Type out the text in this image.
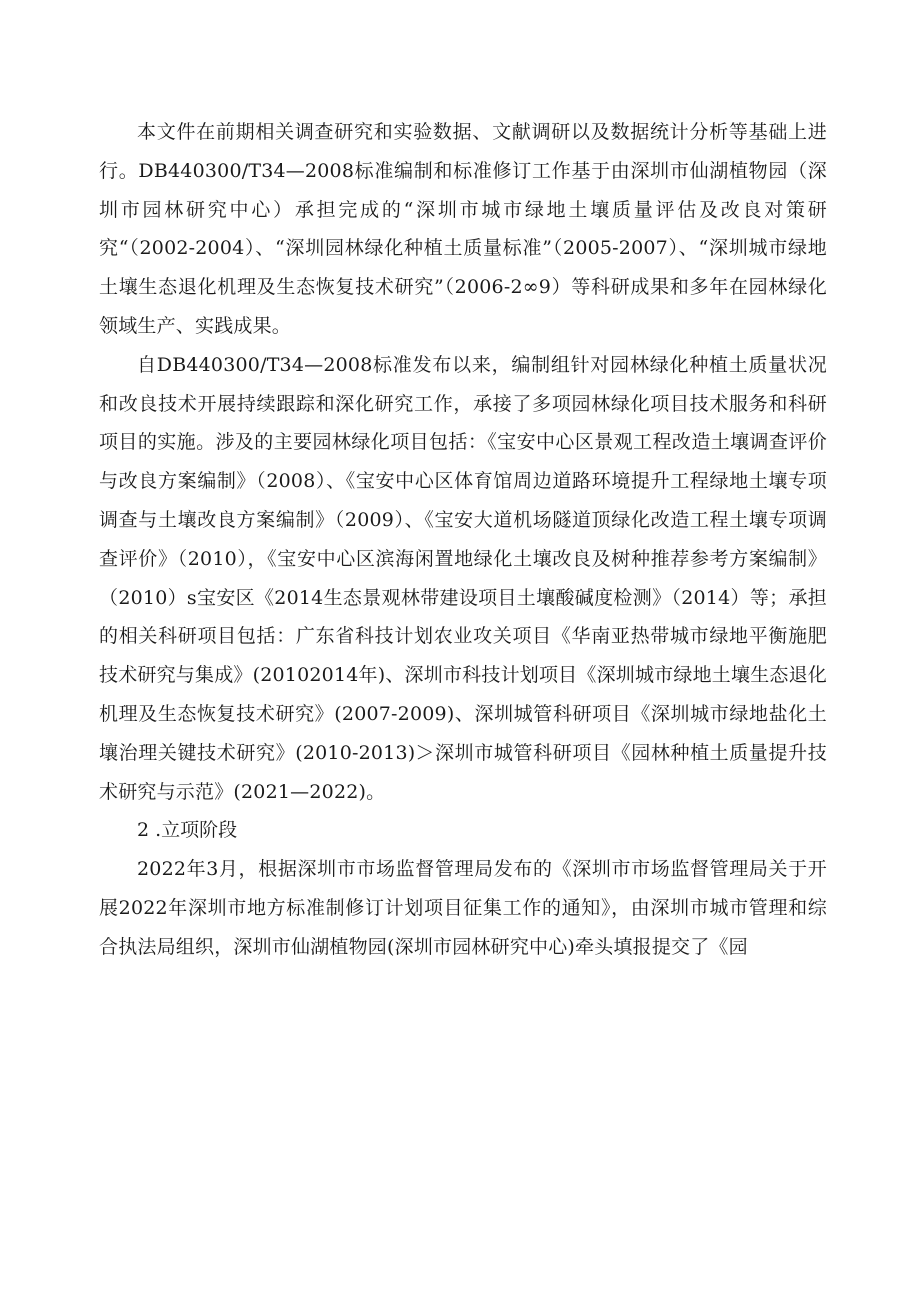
本文件在前期相关调查研究和实验数据、文献调研以及数据统计分析等基础上进行。DB440300/T34—2008标准编制和标准修订工作基于由深圳市仙湖植物园（深圳市园林研究中心）承担完成的“深圳市城市绿地土壤质量评估及改良对策研究“（2002-2004）、“深圳园林绿化种植土质量标准”（2005-2007）、“深圳城市绿地土壤生态退化机理及生态恢复技术研究”（2006-2∞9）等科研成果和多年在园林绿化领域生产、实践成果。

自DB440300/T34—2008标准发布以来，编制组针对园林绿化种植土质量状况和改良技术开展持续跟踪和深化研究工作，承接了多项园林绿化项目技术服务和科研项目的实施。涉及的主要园林绿化项目包括：《宝安中心区景观工程改造土壤调查评价与改良方案编制》（2008）、《宝安中心区体育馆周边道路环境提升工程绿地土壤专项调查与土壤改良方案编制》（2009）、《宝安大道机场隧道顶绿化改造工程土壤专项调查评价》（2010），《宝安中心区滨海闲置地绿化土壤改良及树种推荐参考方案编制》（2010）s宝安区《2014生态景观林带建设项目土壤酸碱度检测》（2014）等；承担的相关科研项目包括：广东省科技计划农业攻关项目《华南亚热带城市绿地平衡施肥技术研究与集成》(20102014年)、深圳市科技计划项目《深圳城市绿地土壤生态退化机理及生态恢复技术研究》(2007-2009)、深圳城管科研项目《深圳城市绿地盐化土壤治理关键技术研究》(2010-2013)＞深圳市城管科研项目《园林种植土质量提升技术研究与示范》(2021—2022)。

2 .立项阶段

2022年3月，根据深圳市市场监督管理局发布的《深圳市市场监督管理局关于开展2022年深圳市地方标准制修订计划项目征集工作的通知》，由深圳市城市管理和综合执法局组织，深圳市仙湖植物园(深圳市园林研究中心)牵头填报提交了《园
